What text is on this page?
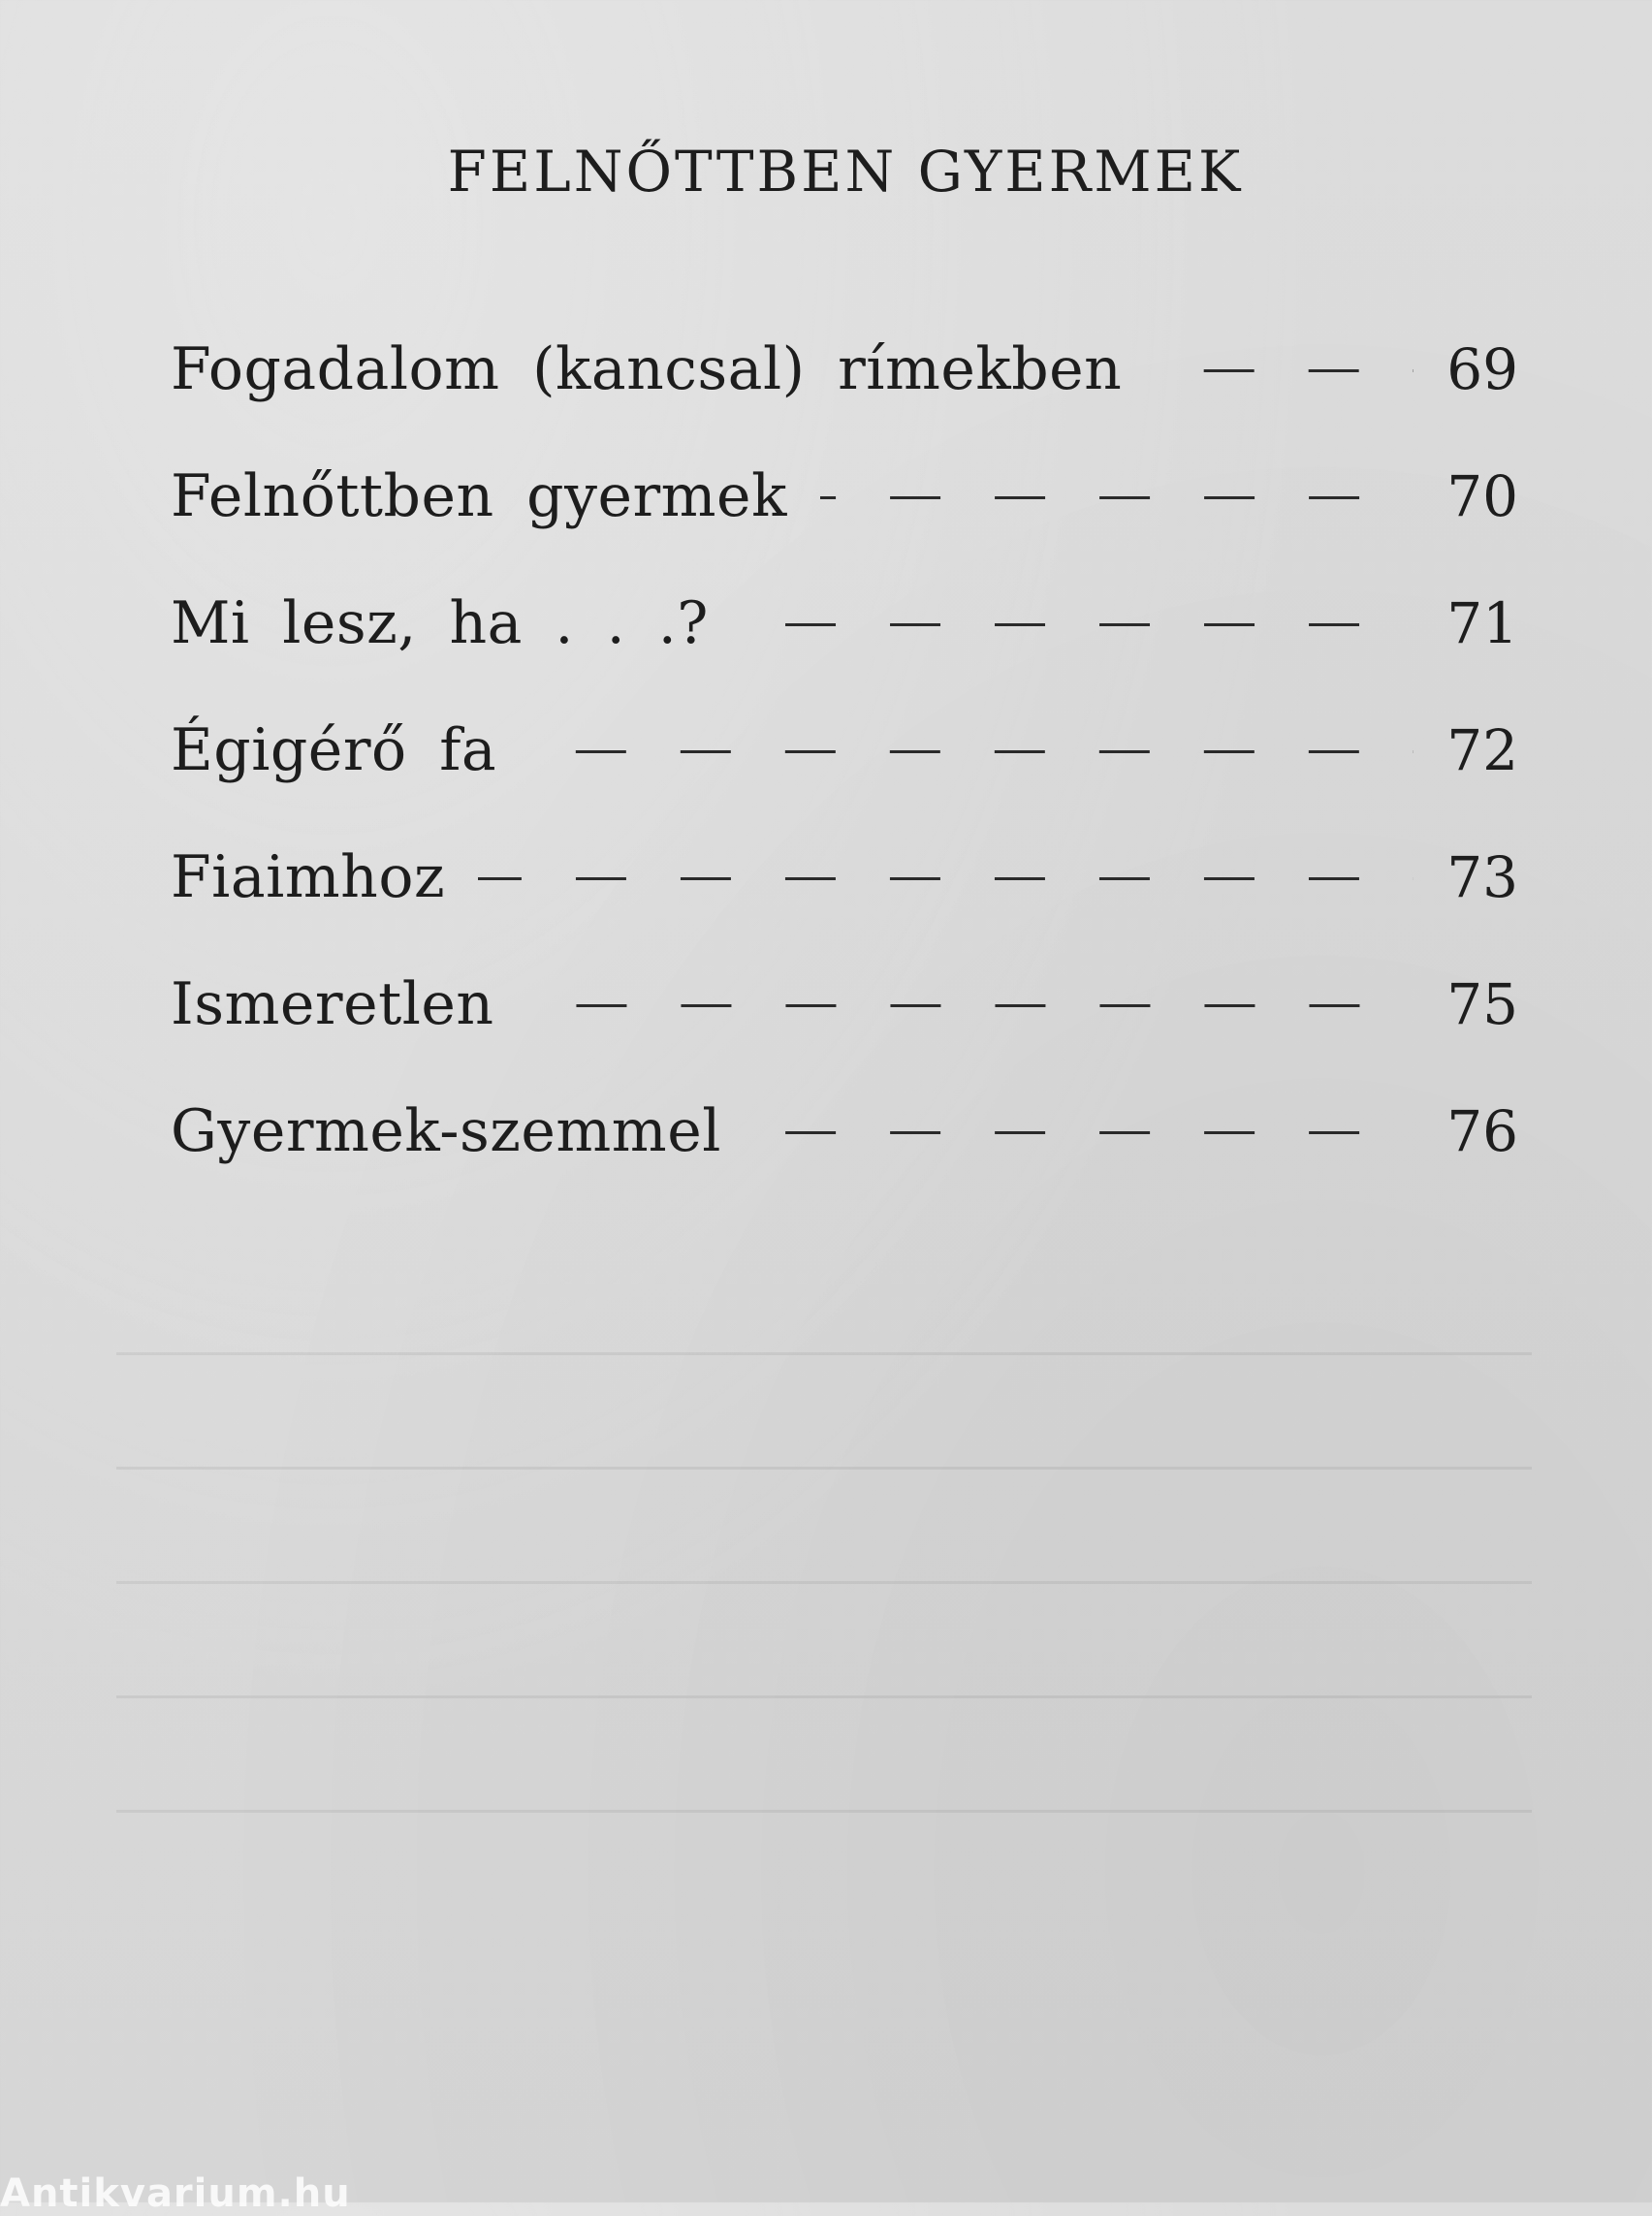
FELNŐTTBEN GYERMEK
Fogadalom (kancsal) rímekben	69
Felnőttben gyermek	70
Mi lesz, ha . . .?	71
Égigérő fa	72
Fiaimhoz	73
Ismeretlen	75
Gyermek-szemmel	76
Antikvarium.hu
